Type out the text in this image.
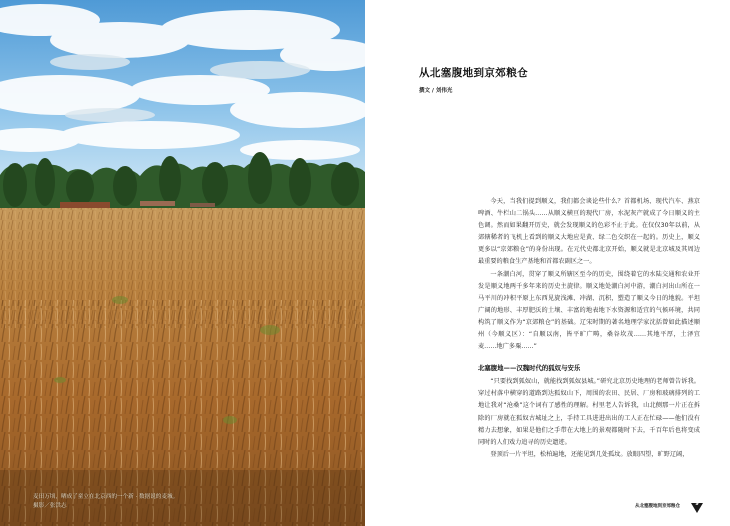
麦田万顷，晒成了童立在北京西的一个新 · 数据说的麦城。 摄影／张洪志
从北塞腹地到京郊粮仓
撰文 / 刘伟光

今天，当我们提到顺义，我们都会谈论些什么？首都机场、现代汽车、燕京啤酒、牛栏山二锅头……从顺义横亘的现代厂房，水泥灰产就成了今日顺义的主色调。然而如果翻开历史，就会发现顺义的色彩不止于此。在仅仅30年以前，从郊辖稀者的飞机上看到的顺义大地应是黄、绿二色交织在一起的。历史上，顺义更多以“京郊粮仓”的身份出现。在元代史都北京开始，顺义就是北京城及其周边最重要的粮食生产基地和首都农副区之一。

一条潮白河，贯穿了顺义所辖区至今的历史，围绕着它的水陆交通和农业开发是顺义地两千多年来的历史主旋律。顺义地处潮白河中游，潮白河出山所在一马平川的冲积平原上东西见旋浅滩、冲湖、沉积，塑造了顺义今日的地貌。平坦广阔的地形、丰厚肥沃的土壤、丰富的地表地下水资源和适宜的气候环境，共同构筑了顺义作为“京郊粮仓”的基础。辽宋时期的著名地理学家沈括曾如此描述顺州（今顺义区）：“自顺以南，皆平旷广畴，桑谷坎茂……其地平厚，土泽宜麦……地广多粟……”

北塞腹地——汉魏时代的狐奴与安乐

“只要找到狐奴山，就能找到狐奴县城。”研究北京历史地理的老师曾告诉我。穿过村落中横穿的道路到达狐奴山下，周围的农田、民居、厂房和玻璃排列的工地让我对“沧桑”这个词有了感性的理解。村里老人告诉我，山北侧那一片正在拆除的厂房就在狐奴古城址之上，手持工具进进出出的工人正在忙碌——他们没有精力去想象，如果是他们之手带在大地上的景观都随时下去，千百年后也将变成同时的人们戏力追寻的历史遗迹。

登顶后一片平坦，松柏遍地，还能见到几处孤坟。放眼四望，旷野辽阔，

从北塞腹地到京郊粮仓	9
